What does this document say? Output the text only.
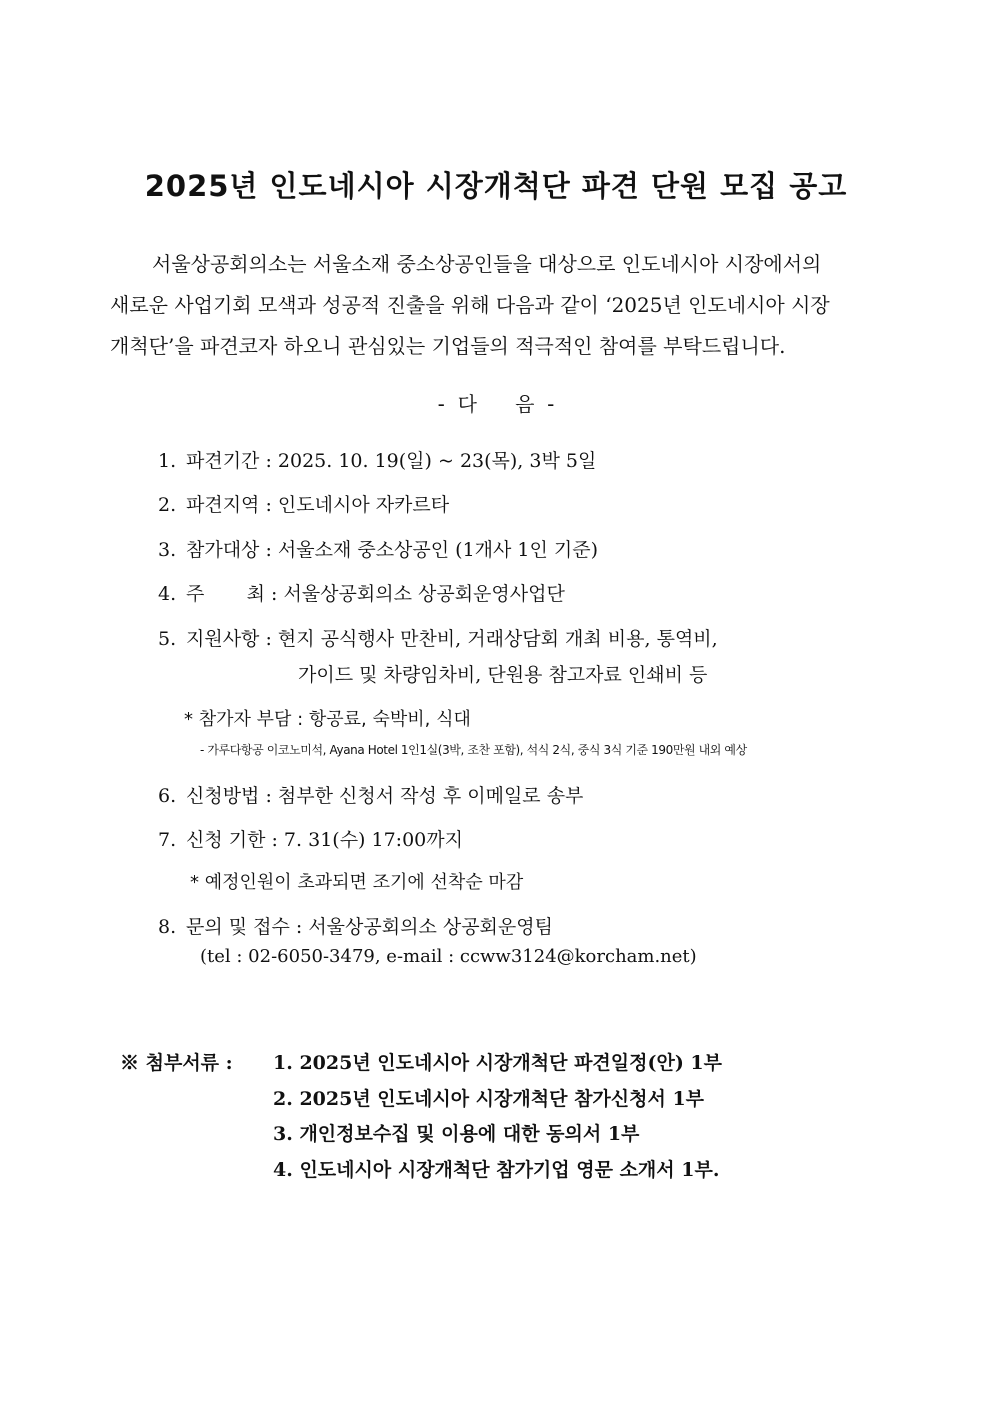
2025년 인도네시아 시장개척단 파견 단원 모집 공고
서울상공회의소는 서울소재 중소상공인들을 대상으로 인도네시아 시장에서의
새로운 사업기회 모색과 성공적 진출을 위해 다음과 같이 ‘2025년 인도네시아 시장
개척단’을 파견코자 하오니 관심있는 기업들의 적극적인 참여를 부탁드립니다.
-  다      음  -
1. 파견기간 : 2025. 10. 19(일) ~ 23(목), 3박 5일
2. 파견지역 : 인도네시아 자카르타
3. 참가대상 : 서울소재 중소상공인 (1개사 1인 기준)
4. 주       최 : 서울상공회의소 상공회운영사업단
5. 지원사항 : 현지 공식행사 만찬비, 거래상담회 개최 비용, 통역비,
가이드 및 차량임차비, 단원용 참고자료 인쇄비 등
* 참가자 부담 : 항공료, 숙박비, 식대
- 가루다항공 이코노미석, Ayana Hotel 1인1실(3박, 조찬 포함), 석식 2식, 중식 3식 기준 190만원 내외 예상
6. 신청방법 : 첨부한 신청서 작성 후 이메일로 송부
7. 신청 기한 : 7. 31(수) 17:00까지
* 예정인원이 초과되면 조기에 선착순 마감
8. 문의 및 접수 : 서울상공회의소 상공회운영팀
(tel : 02-6050-3479, e-mail : ccww3124@korcham.net)
※ 첨부서류 : 1. 2025년 인도네시아 시장개척단 파견일정(안) 1부
2. 2025년 인도네시아 시장개척단 참가신청서 1부
3. 개인정보수집 및 이용에 대한 동의서 1부
4. 인도네시아 시장개척단 참가기업 영문 소개서 1부.
